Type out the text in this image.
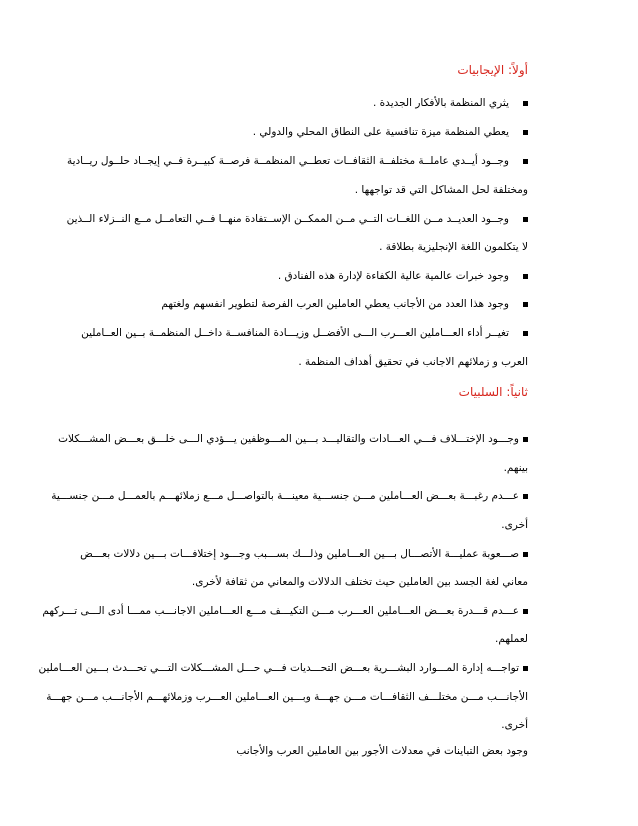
أولاً: الإيجابيات
يثري المنظمة بالأفكار الجديدة .
يعطي المنظمة ميزة تنافسية على النطاق المحلي والدولي .
وجــود أيــدي عاملــة مختلفــة الثقافــات تعطــي المنظمــة فرصــة كبيــرة فــي إيجــاد حلــول ريــادية
ومختلفة لحل المشاكل التي قد تواجهها .
وجــود العديــد مــن اللغــات التــي مــن الممكــن الإســتفادة منهــا فــي التعامــل مــع النــزلاء الــذين
لا يتكلمون اللغة الإنجليزية بطلاقة .
وجود خبرات عالمية عالية الكفاءة لإدارة هذه الفنادق .
وجود هذا العدد من الأجانب يعطي العاملين العرب الفرصة لتطوير انفسهم ولغتهم
تغيــر أداء العـــاملين العـــرب الـــى الأفضــل وزيـــادة المنافســة داخــل المنظمــة بــين العــاملين
العرب و زملائهم الاجانب في تحقيق أهداف المنظمة .
ثانياً: السلبيات
وجـــود الإختـــلاف فـــي العـــادات والتقاليـــد بـــين المـــوظفين يـــؤدي الـــى خلـــق بعـــض المشـــكلات
بينهم.
عـــدم رغبـــة بعـــض العـــاملين مـــن جنســـية معينـــة بالتواصـــل مـــع زملائهـــم بالعمـــل مـــن جنســـية
أخرى.
صـــعوبة عمليـــة الأتصـــال بـــين العـــاملين وذلـــك بســـبب وجـــود إختلافـــات بـــين دلالات بعـــض
معاني لغة الجسد بين العاملين حيث تختلف الدلالات والمعاني من ثقافة لأخرى.
عـــدم قـــدرة بعـــض العـــاملين العـــرب مـــن التكيـــف مـــع العـــاملين الاجانـــب ممـــا أدى الـــى تـــركهم
لعملهم.
تواجـــه إدارة المـــوارد البشـــرية بعـــض التحـــديات فـــي حـــل المشـــكلات التـــي تحـــدث بـــين العـــاملين
الأجانـــب مـــن مختلـــف الثقافـــات مـــن جهـــة وبـــين العـــاملين العـــرب وزملائهـــم الأجانـــب مـــن جهـــة
أخرى.
وجود بعض التباينات في معدلات الأجور بين العاملين العرب والأجانب
